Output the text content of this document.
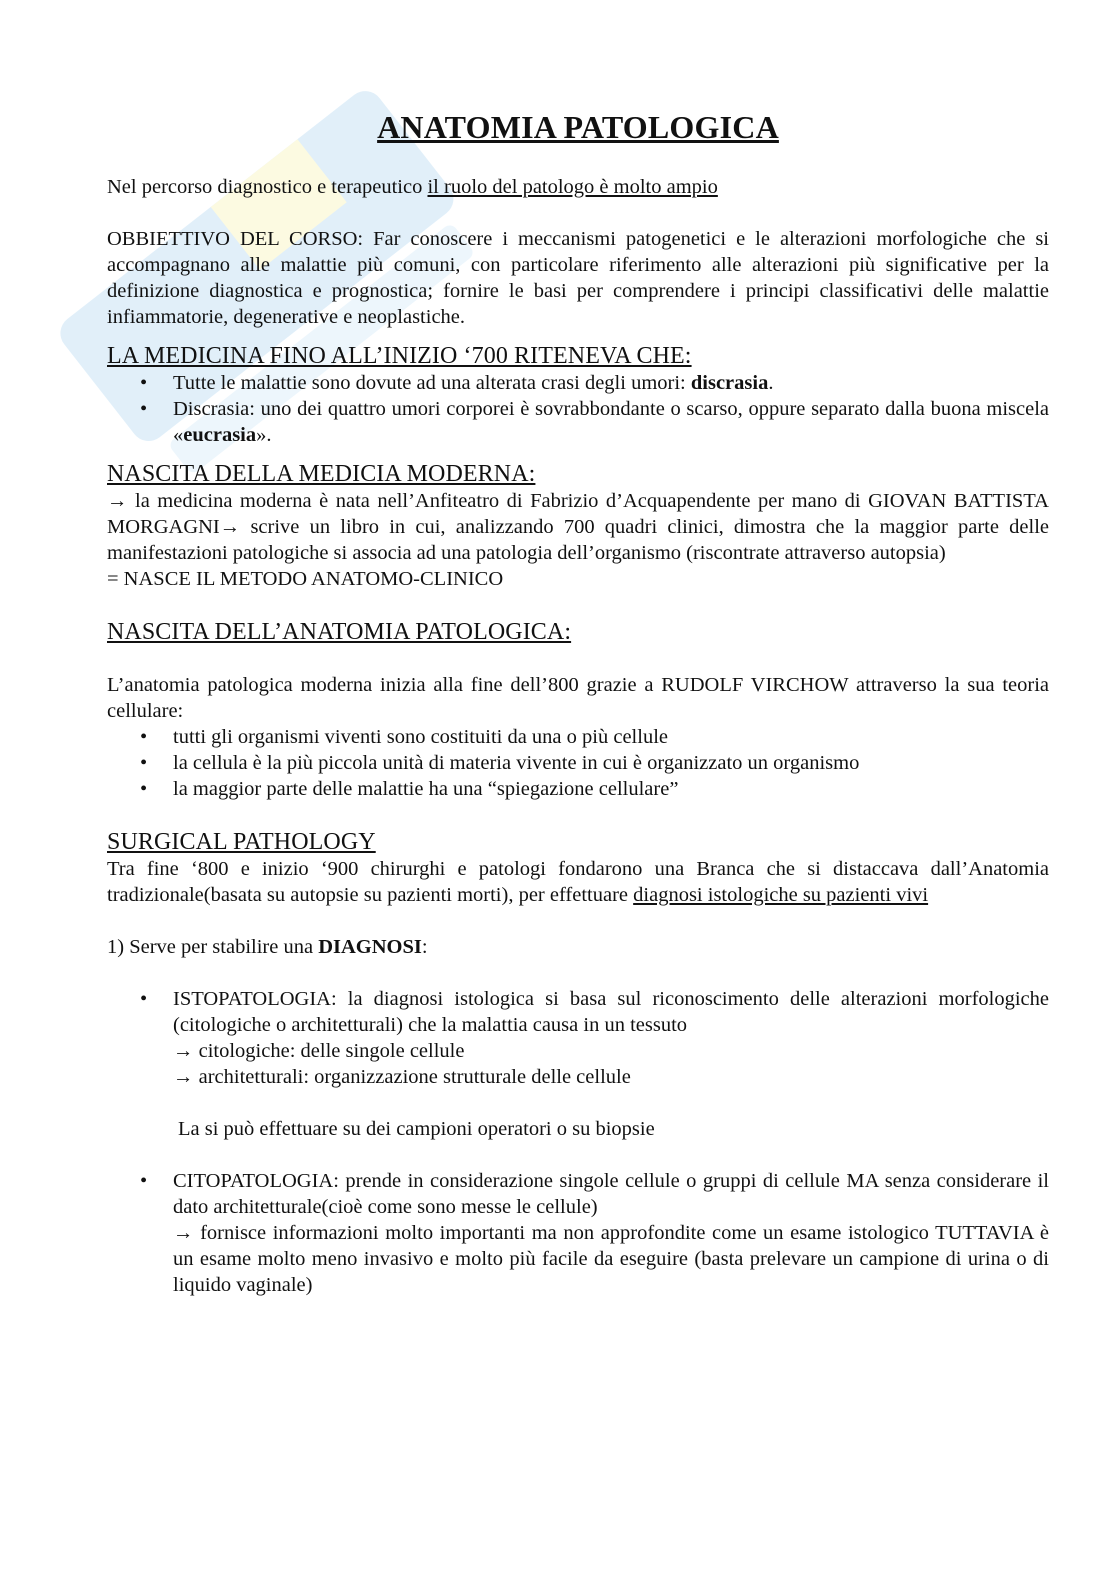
ANATOMIA PATOLOGICA

Nel percorso diagnostico e terapeutico il ruolo del patologo è molto ampio

OBBIETTIVO DEL CORSO: Far conoscere i meccanismi patogenetici e le alterazioni morfologiche che si accompagnano alle malattie più comuni, con particolare riferimento alle alterazioni più significative per la definizione diagnostica e prognostica; fornire le basi per comprendere i principi classificativi delle malattie infiammatorie, degenerative e neoplastiche.

LA MEDICINA FINO ALL’INIZIO ‘700 RITENEVA CHE:
• Tutte le malattie sono dovute ad una alterata crasi degli umori: discrasia.
• Discrasia: uno dei quattro umori corporei è sovrabbondante o scarso, oppure separato dalla buona miscela «eucrasia».
NASCITA DELLA MEDICIA MODERNA:

→ la medicina moderna è nata nell’Anfiteatro di Fabrizio d’Acquapendente per mano di GIOVAN BATTISTA MORGAGNI→ scrive un libro in cui, analizzando 700 quadri clinici, dimostra che la maggior parte delle manifestazioni patologiche si associa ad una patologia dell’organismo (riscontrate attraverso autopsia)

= NASCE IL METODO ANATOMO-CLINICO

NASCITA DELL’ANATOMIA PATOLOGICA:

L’anatomia patologica moderna inizia alla fine dell’800 grazie a RUDOLF VIRCHOW attraverso la sua teoria cellulare:

• tutti gli organismi viventi sono costituiti da una o più cellule
• la cellula è la più piccola unità di materia vivente in cui è organizzato un organismo
• la maggior parte delle malattie ha una “spiegazione cellulare”
SURGICAL PATHOLOGY

Tra fine ‘800 e inizio ‘900 chirurghi e patologi fondarono una Branca che si distaccava dall’Anatomia tradizionale(basata su autopsie su pazienti morti), per effettuare diagnosi istologiche su pazienti vivi

1) Serve per stabilire una DIAGNOSI:

• ISTOPATOLOGIA: la diagnosi istologica si basa sul riconoscimento delle alterazioni morfologiche (citologiche o architetturali) che la malattia causa in un tessuto
→ citologiche: delle singole cellule
→ architetturali: organizzazione strutturale delle cellule

La si può effettuare su dei campioni operatori o su biopsie

• CITOPATOLOGIA: prende in considerazione singole cellule o gruppi di cellule MA senza considerare il dato architetturale(cioè come sono messe le cellule)
→ fornisce informazioni molto importanti ma non approfondite come un esame istologico TUTTAVIA è un esame molto meno invasivo e molto più facile da eseguire (basta prelevare un campione di urina o di liquido vaginale)
